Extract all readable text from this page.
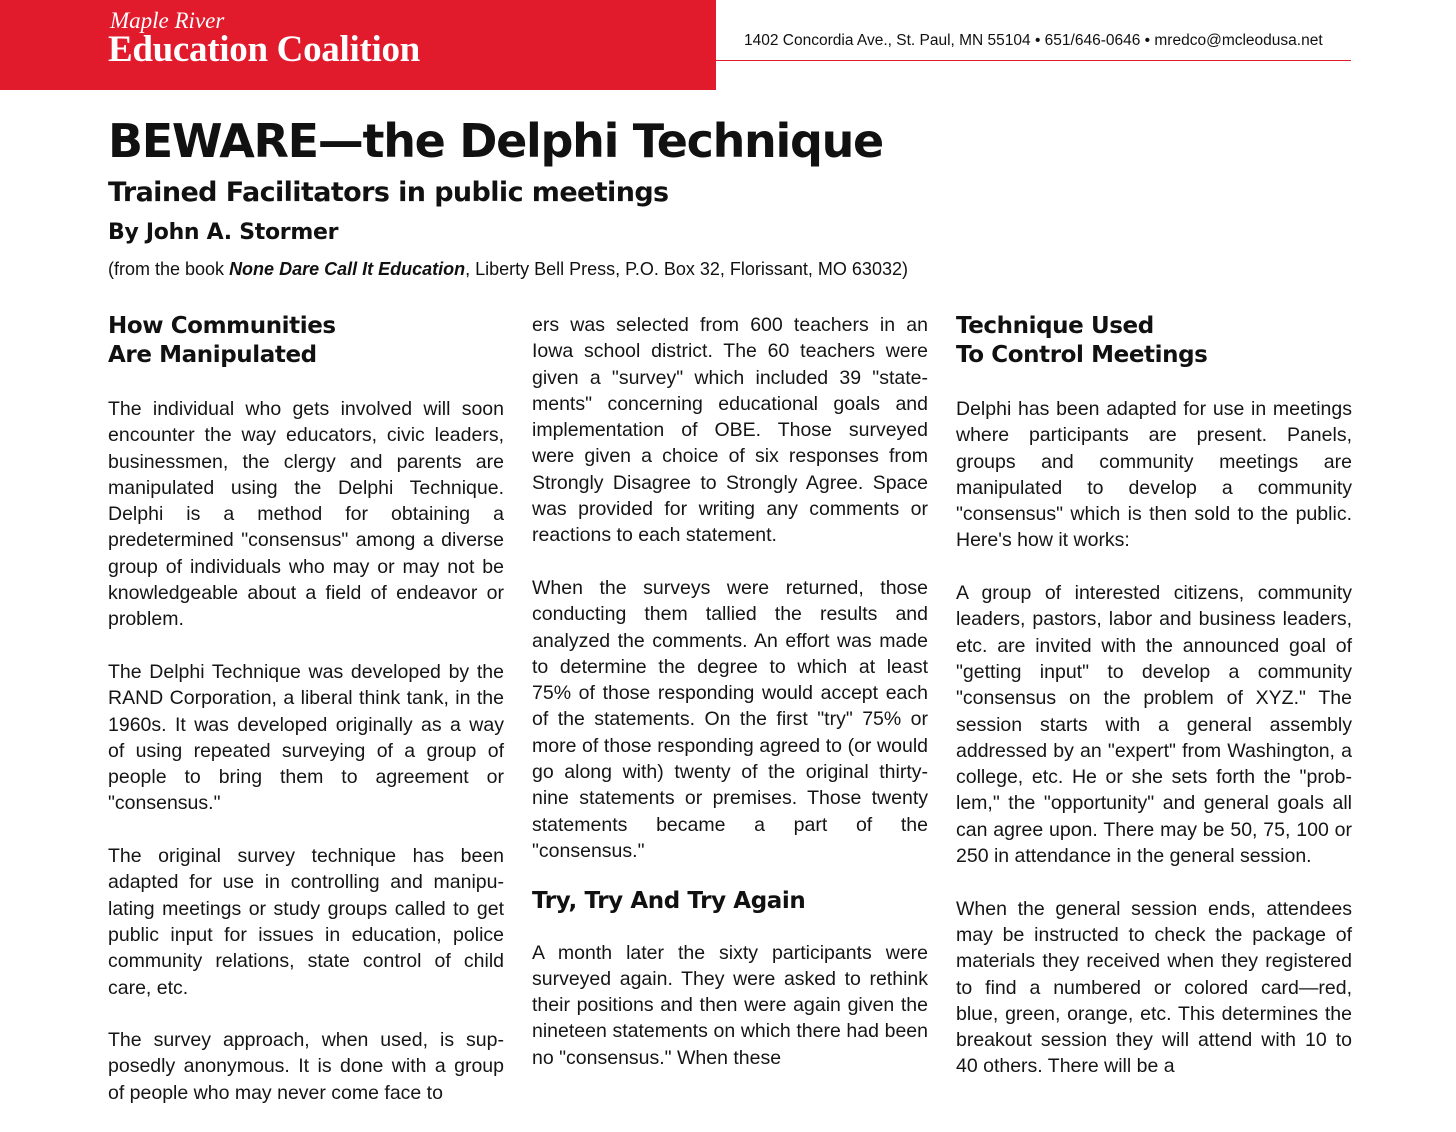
Maple River
Education Coalition	1402 Concordia Ave., St. Paul, MN 55104 • 651/646-0646 • mredco@mcleodusa.net
BEWARE—the Delphi Technique
Trained Facilitators in public meetings
By John A. Stormer
(from the book None Dare Call It Education, Liberty Bell Press, P.O. Box 32, Florissant, MO 63032)
How Communities
Are Manipulated

The individual who gets involved will soon encounter the way educators, civic leaders, businessmen, the clergy and parents are manipulated using the Delphi Technique. Delphi is a method for obtaining a predetermined "consensus" among a diverse group of individuals who may or may not be knowledgeable about a field of endeavor or problem.

The Delphi Technique was developed by the RAND Corporation, a liberal think tank, in the 1960s. It was developed originally as a way of using repeated surveying of a group of people to bring them to agreement or "consensus."

The original survey technique has been adapted for use in controlling and manipulating meetings or study groups called to get public input for issues in education, police community relations, state control of child care, etc.

The survey approach, when used, is supposedly anonymous. It is done with a group of people who may never come face to

ers was selected from 600 teachers in an Iowa school district. The 60 teachers were given a "survey" which included 39 "statements" concerning educational goals and implementation of OBE. Those surveyed were given a choice of six responses from Strongly Disagree to Strongly Agree. Space was provided for writing any comments or reactions to each statement.

When the surveys were returned, those conducting them tallied the results and analyzed the comments. An effort was made to determine the degree to which at least 75% of those responding would accept each of the statements. On the first "try" 75% or more of those responding agreed to (or would go along with) twenty of the original thirty-nine statements or premises. Those twenty statements became a part of the "consensus."

Try, Try And Try Again

A month later the sixty participants were surveyed again. They were asked to rethink their positions and then were again given the nineteen statements on which there had been no "consensus." When these

Technique Used
To Control Meetings

Delphi has been adapted for use in meetings where participants are present. Panels, groups and community meetings are manipulated to develop a community "consensus" which is then sold to the public. Here's how it works:

A group of interested citizens, community leaders, pastors, labor and business leaders, etc. are invited with the announced goal of "getting input" to develop a community "consensus on the problem of XYZ." The session starts with a general assembly addressed by an "expert" from Washington, a college, etc. He or she sets forth the "problem," the "opportunity" and general goals all can agree upon. There may be 50, 75, 100 or 250 in attendance in the general session.

When the general session ends, attendees may be instructed to check the package of materials they received when they registered to find a numbered or colored card—red, blue, green, orange, etc. This determines the breakout session they will attend with 10 to 40 others. There will be a
